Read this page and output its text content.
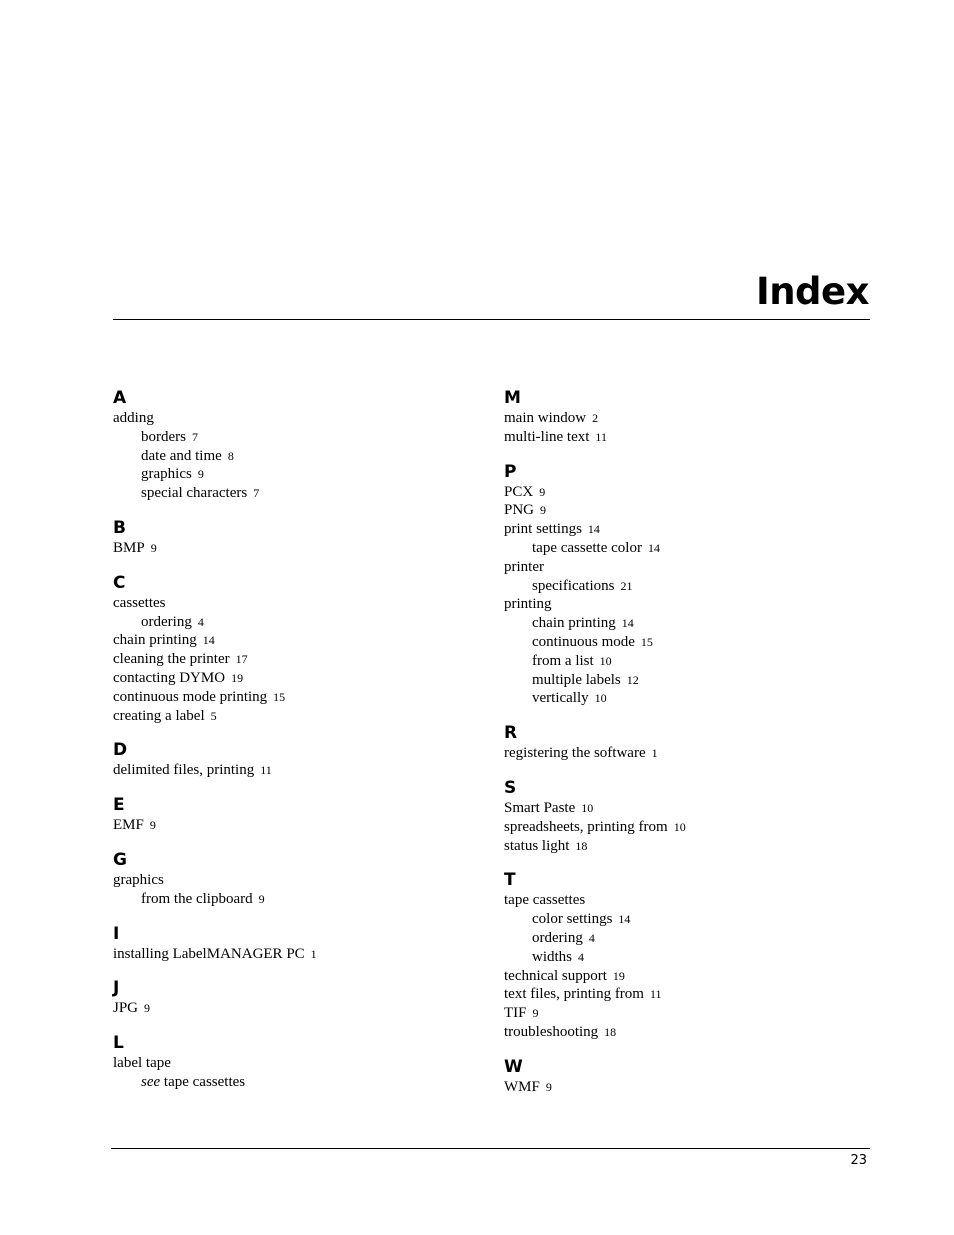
Index
A
adding
borders 7
date and time 8
graphics 9
special characters 7
B
BMP 9
C
cassettes
ordering 4
chain printing 14
cleaning the printer 17
contacting DYMO 19
continuous mode printing 15
creating a label 5
D
delimited files, printing 11
E
EMF 9
G
graphics
from the clipboard 9
I
installing LabelMANAGER PC 1
J
JPG 9
L
label tape
see tape cassettes
M
main window 2
multi-line text 11
P
PCX 9
PNG 9
print settings 14
tape cassette color 14
printer
specifications 21
printing
chain printing 14
continuous mode 15
from a list 10
multiple labels 12
vertically 10
R
registering the software 1
S
Smart Paste 10
spreadsheets, printing from 10
status light 18
T
tape cassettes
color settings 14
ordering 4
widths 4
technical support 19
text files, printing from 11
TIF 9
troubleshooting 18
W
WMF 9
23
